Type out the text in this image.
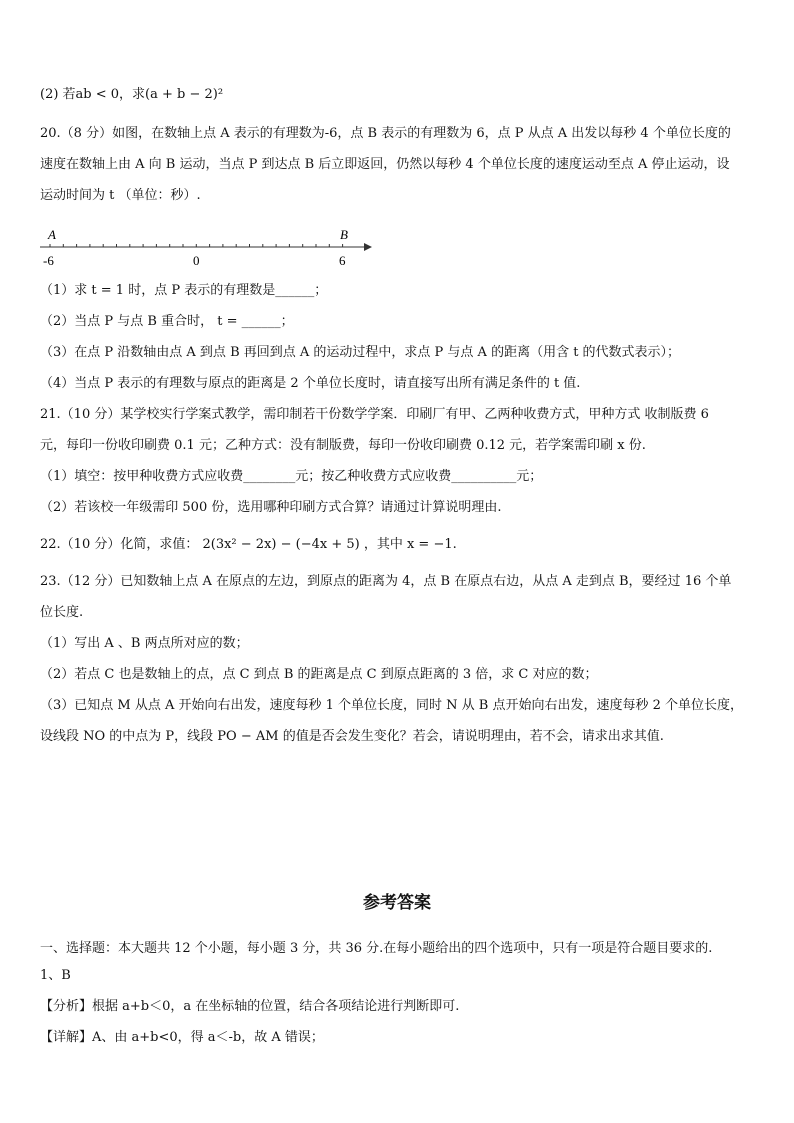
(2) 若ab < 0，求(a + b − 2)²
20.（8 分）如图，在数轴上点 A 表示的有理数为-6，点 B 表示的有理数为 6，点 P 从点 A 出发以每秒 4 个单位长度的
速度在数轴上由 A 向 B 运动，当点 P 到达点 B 后立即返回，仍然以每秒 4 个单位长度的速度运动至点 A 停止运动，设
运动时间为 t （单位：秒）.
A	B
-6	0	6
（1）求 t = 1 时，点 P 表示的有理数是______；
（2）当点 P 与点 B 重合时， t = ______；
（3）在点 P 沿数轴由点 A 到点 B 再回到点 A 的运动过程中，求点 P 与点 A 的距离（用含 t 的代数式表示）；
（4）当点 P 表示的有理数与原点的距离是 2 个单位长度时，请直接写出所有满足条件的 t 值.
21.（10 分）某学校实行学案式教学，需印制若干份数学学案．印刷厂有甲、乙两种收费方式，甲种方式 收制版费 6
元，每印一份收印刷费 0.1 元；乙种方式：没有制版费，每印一份收印刷费 0.12 元，若学案需印刷 x 份.
（1）填空：按甲种收费方式应收费________元；按乙种收费方式应收费__________元；
（2）若该校一年级需印 500 份，选用哪种印刷方式合算？请通过计算说明理由.
22.（10 分）化简，求值： 2(3x² − 2x) − (−4x + 5) ，其中 x = −1.
23.（12 分）已知数轴上点 A 在原点的左边，到原点的距离为 4，点 B 在原点右边，从点 A 走到点 B，要经过 16 个单
位长度.
（1）写出 A 、B 两点所对应的数；
（2）若点 C 也是数轴上的点，点 C 到点 B 的距离是点 C 到原点距离的 3 倍，求 C 对应的数；
（3）已知点 M 从点 A 开始向右出发，速度每秒 1 个单位长度，同时 N 从 B 点开始向右出发，速度每秒 2 个单位长度，
设线段 NO 的中点为 P，线段 PO − AM 的值是否会发生变化？若会，请说明理由，若不会，请求出求其值.
参考答案
一、选择题：本大题共 12 个小题，每小题 3 分，共 36 分.在每小题给出的四个选项中，只有一项是符合题目要求的.
1、B
【分析】根据 a+b＜0，a 在坐标轴的位置，结合各项结论进行判断即可.
【详解】A、由 a+b<0，得 a＜-b，故 A 错误；
